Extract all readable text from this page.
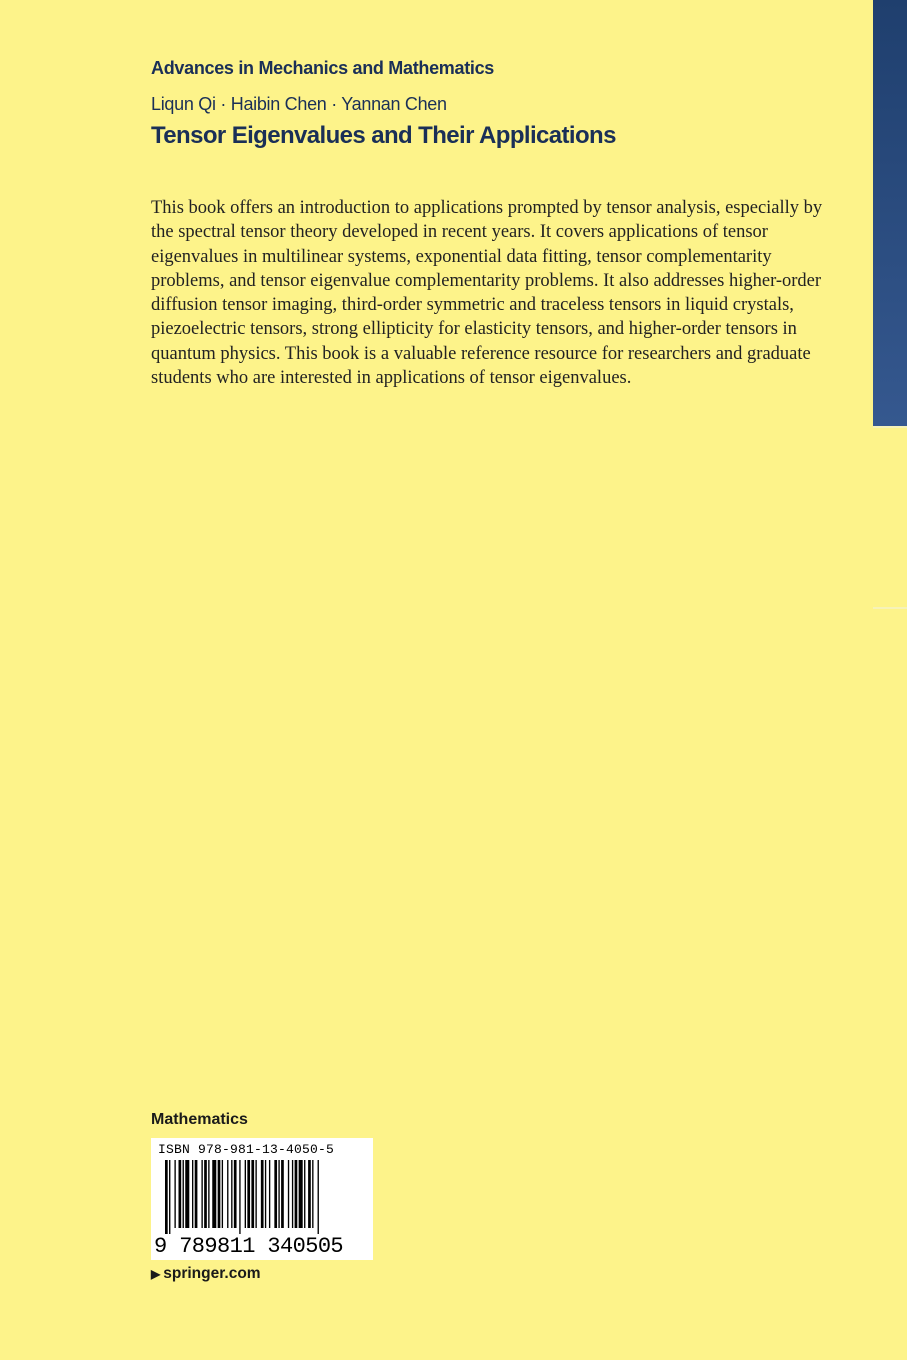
Advances in Mechanics and Mathematics
Liqun Qi · Haibin Chen · Yannan Chen
Tensor Eigenvalues and Their Applications

This book offers an introduction to applications prompted by tensor analysis, especially by the spectral tensor theory developed in recent years. It covers applications of tensor eigenvalues in multilinear systems, exponential data fitting, tensor complementarity problems, and tensor eigenvalue complementarity problems. It also addresses higher-order diffusion tensor imaging, third-order symmetric and traceless tensors in liquid crystals, piezoelectric tensors, strong ellipticity for elasticity tensors, and higher-order tensors in quantum physics. This book is a valuable reference resource for researchers and graduate students who are interested in applications of tensor eigenvalues.

Mathematics
ISBN 978-981-13-4050-5
9 789811 340505
▶ springer.com
